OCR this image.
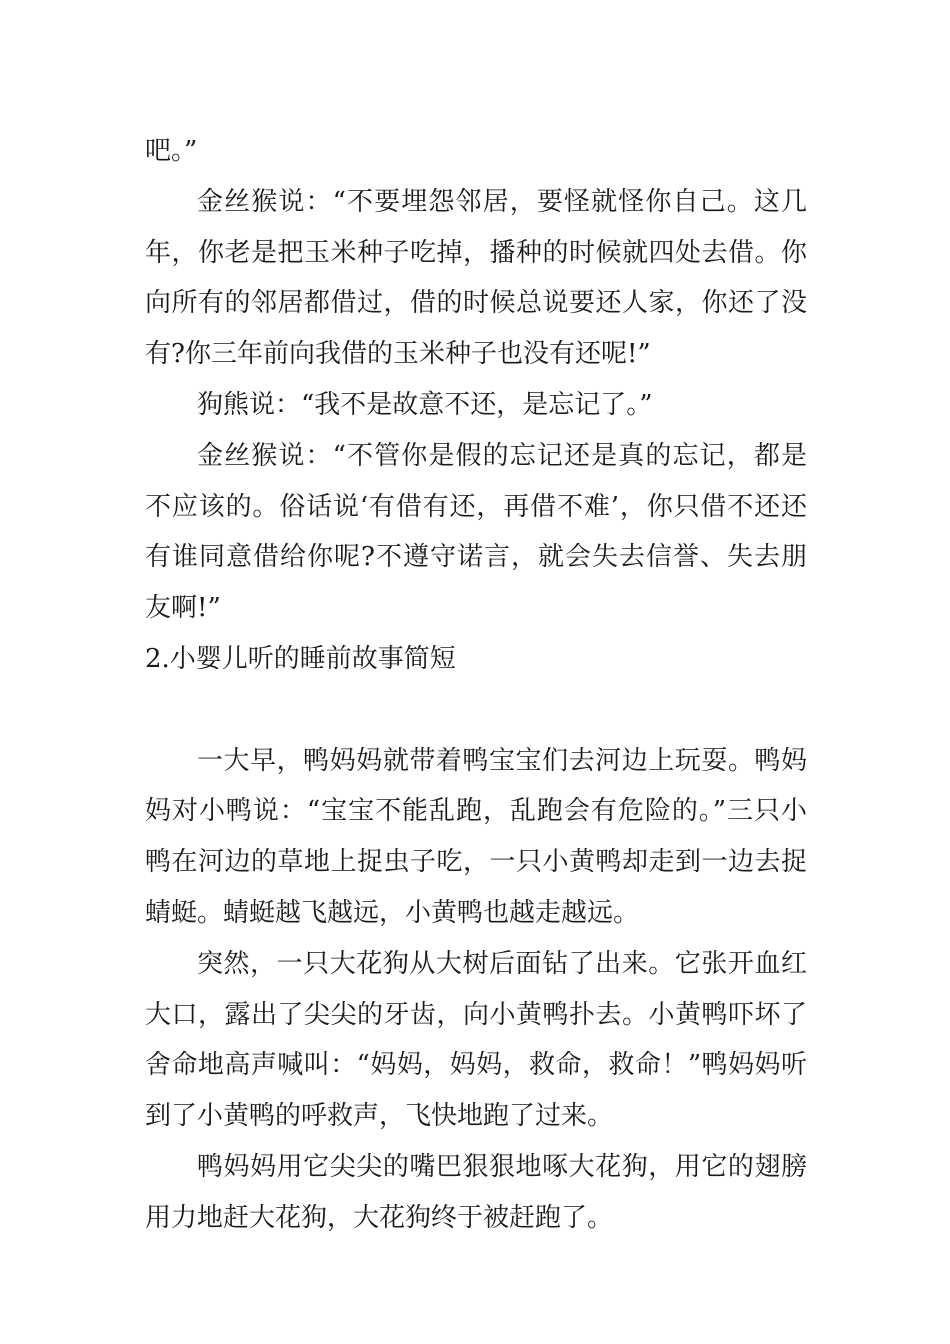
吧。”

金丝猴说：“不要埋怨邻居，要怪就怪你自己。这几年，你老是把玉米种子吃掉，播种的时候就四处去借。你向所有的邻居都借过，借的时候总说要还人家，你还了没有?你三年前向我借的玉米种子也没有还呢!”

狗熊说：“我不是故意不还，是忘记了。”

金丝猴说：“不管你是假的忘记还是真的忘记，都是不应该的。俗话说‘有借有还，再借不难’，你只借不还还有谁同意借给你呢?不遵守诺言，就会失去信誉、失去朋友啊!”

2.小婴儿听的睡前故事简短

一大早，鸭妈妈就带着鸭宝宝们去河边上玩耍。鸭妈妈对小鸭说：“宝宝不能乱跑，乱跑会有危险的。”三只小鸭在河边的草地上捉虫子吃，一只小黄鸭却走到一边去捉蜻蜓。蜻蜓越飞越远，小黄鸭也越走越远。

突然，一只大花狗从大树后面钻了出来。它张开血红大口，露出了尖尖的牙齿，向小黄鸭扑去。小黄鸭吓坏了舍命地高声喊叫：“妈妈，妈妈，救命，救命！”鸭妈妈听到了小黄鸭的呼救声，飞快地跑了过来。

鸭妈妈用它尖尖的嘴巴狠狠地啄大花狗，用它的翅膀用力地赶大花狗，大花狗终于被赶跑了。
